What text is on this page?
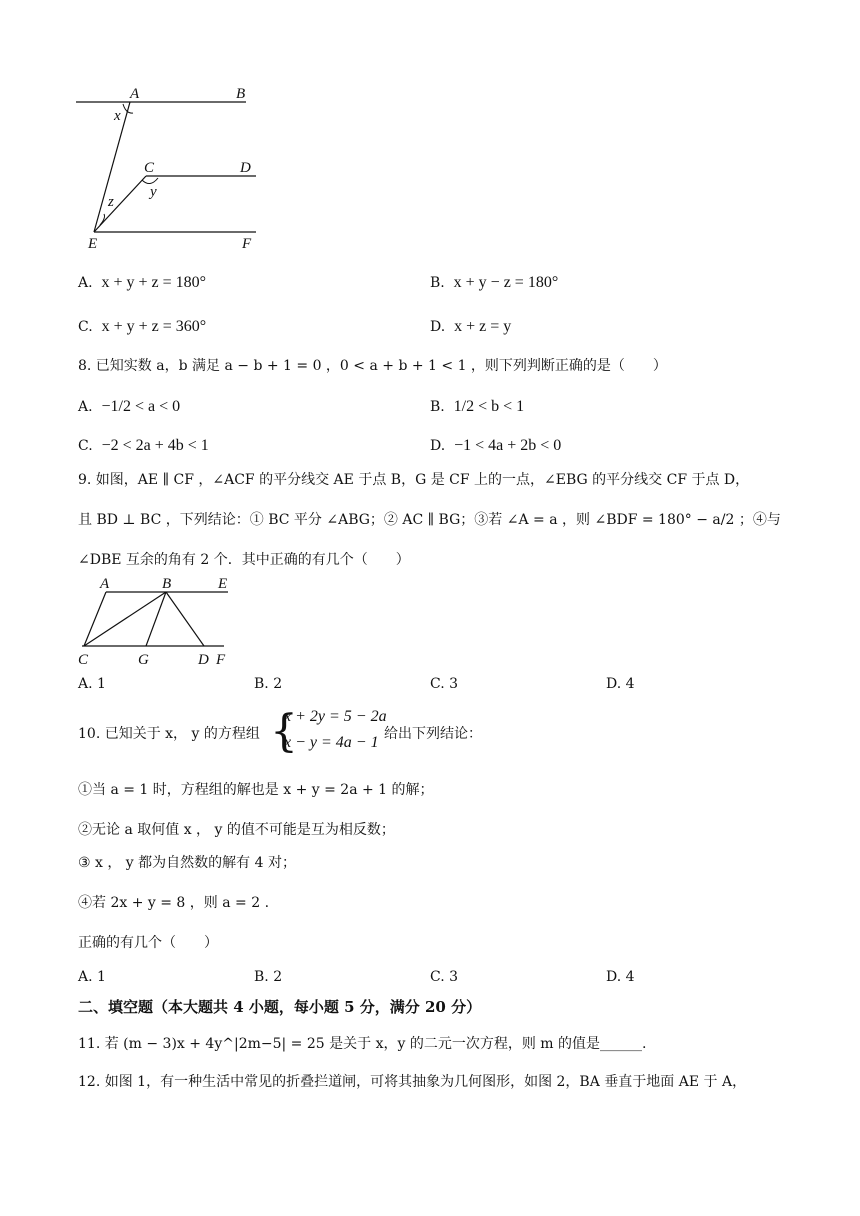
A	B
x
C	D
y
z
E	F
A. x + y + z = 180°	B. x + y − z = 180°
C. x + y + z = 360°	D. x + z = y
8. 已知实数 a，b 满足 a − b + 1 = 0 ，0 < a + b + 1 < 1 ，则下列判断正确的是（　　）
A. −1/2 < a < 0	B. 1/2 < b < 1
C. −2 < 2a + 4b < 1	D. −1 < 4a + 2b < 0
9. 如图，AE ∥ CF ，∠ACF 的平分线交 AE 于点 B，G 是 CF 上的一点，∠EBG 的平分线交 CF 于点 D，
且 BD ⊥ BC ，下列结论：① BC 平分 ∠ABG；② AC ∥ BG；③若 ∠A = a ，则 ∠BDF = 180° − a/2 ；④与
∠DBE 互余的角有 2 个．其中正确的有几个（　　）
A	B	E
C	G	D F
A. 1	B. 2	C. 3	D. 4
10. 已知关于 x， y 的方程组 {
x + 2y = 5 − 2a
x − y = 4a − 1 给出下列结论：
①当 a = 1 时，方程组的解也是 x + y = 2a + 1 的解；
②无论 a 取何值 x ， y 的值不可能是互为相反数；
③ x ， y 都为自然数的解有 4 对；
④若 2x + y = 8 ，则 a = 2 .
正确的有几个（　　）
A. 1	B. 2	C. 3	D. 4
二、填空题（本大题共 4 小题，每小题 5 分，满分 20 分）
11. 若 (m − 3)x + 4y^|2m−5| = 25 是关于 x，y 的二元一次方程，则 m 的值是______.
12. 如图 1，有一种生活中常见的折叠拦道闸，可将其抽象为几何图形，如图 2，BA 垂直于地面 AE 于 A，
